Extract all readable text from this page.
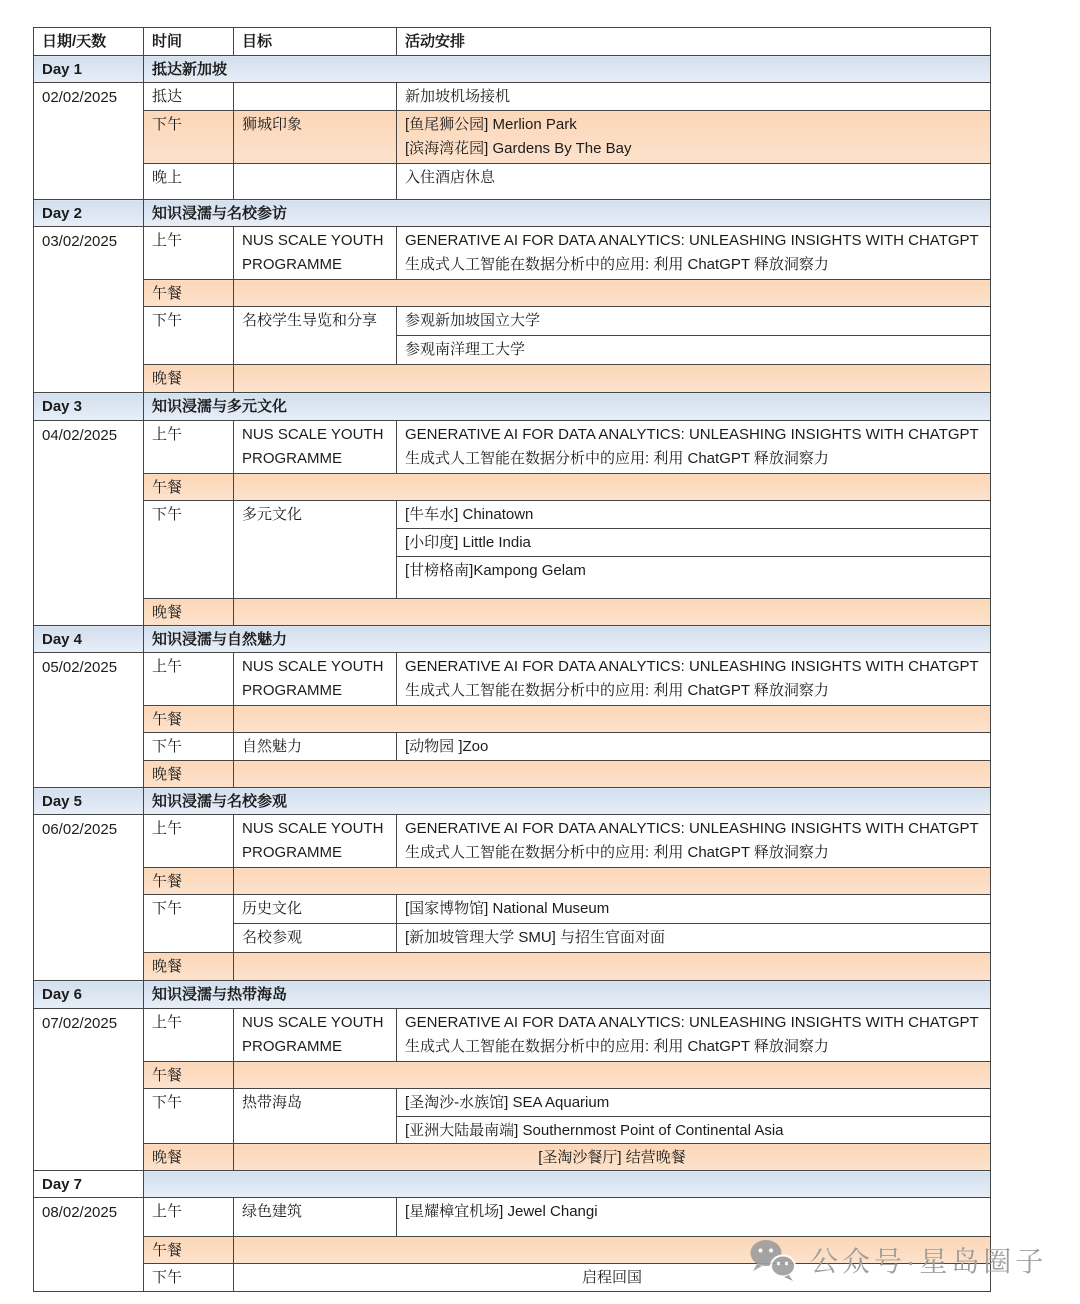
日期/天数	时间	目标	活动安排
Day 1	抵达新加坡		
02/02/2025	抵达		新加坡机场接机
	下午	狮城印象	[鱼尾狮公园] Merlion Park
[滨海湾花园] Gardens By The Bay

	晚上		入住酒店休息
Day 2	知识浸濡与名校参访		
03/02/2025	上午	NUS SCALE YOUTH PROGRAMME	GENERATIVE AI FOR DATA ANALYTICS: UNLEASHING INSIGHTS WITH CHATGPT
生成式人工智能在数据分析中的应用: 利用 ChatGPT 释放洞察力

	午餐		
	下午	名校学生导览和分享	参观新加坡国立大学
			参观南洋理工大学
	晚餐		
Day 3	知识浸濡与多元文化		
04/02/2025	上午	NUS SCALE YOUTH PROGRAMME	GENERATIVE AI FOR DATA ANALYTICS: UNLEASHING INSIGHTS WITH CHATGPT
生成式人工智能在数据分析中的应用: 利用 ChatGPT 释放洞察力

	午餐		
	下午	多元文化	[牛车水] Chinatown
			[小印度] Little India
			[甘榜格南]Kampong Gelam
	晚餐		
Day 4	知识浸濡与自然魅力		
05/02/2025	上午	NUS SCALE YOUTH PROGRAMME	GENERATIVE AI FOR DATA ANALYTICS: UNLEASHING INSIGHTS WITH CHATGPT
生成式人工智能在数据分析中的应用: 利用 ChatGPT 释放洞察力

	午餐		
	下午	自然魅力	[动物园 ]Zoo
	晚餐		
Day 5	知识浸濡与名校参观		
06/02/2025	上午	NUS SCALE YOUTH PROGRAMME	GENERATIVE AI FOR DATA ANALYTICS: UNLEASHING INSIGHTS WITH CHATGPT
生成式人工智能在数据分析中的应用: 利用 ChatGPT 释放洞察力

	午餐		
	下午	历史文化	[国家博物馆] National Museum
		名校参观	[新加坡管理大学 SMU] 与招生官面对面
	晚餐		
Day 6	知识浸濡与热带海岛		
07/02/2025	上午	NUS SCALE YOUTH PROGRAMME	GENERATIVE AI FOR DATA ANALYTICS: UNLEASHING INSIGHTS WITH CHATGPT
生成式人工智能在数据分析中的应用: 利用 ChatGPT 释放洞察力

	午餐		
	下午	热带海岛	[圣淘沙-水族馆] SEA Aquarium
			[亚洲大陆最南端] Southernmost Point of Continental Asia
	晚餐	[圣淘沙餐厅] 结营晚餐	
Day 7			
08/02/2025	上午	绿色建筑	[星耀樟宜机场] Jewel Changi
	午餐		
	下午	启程回国	
公众号·星岛圈子
